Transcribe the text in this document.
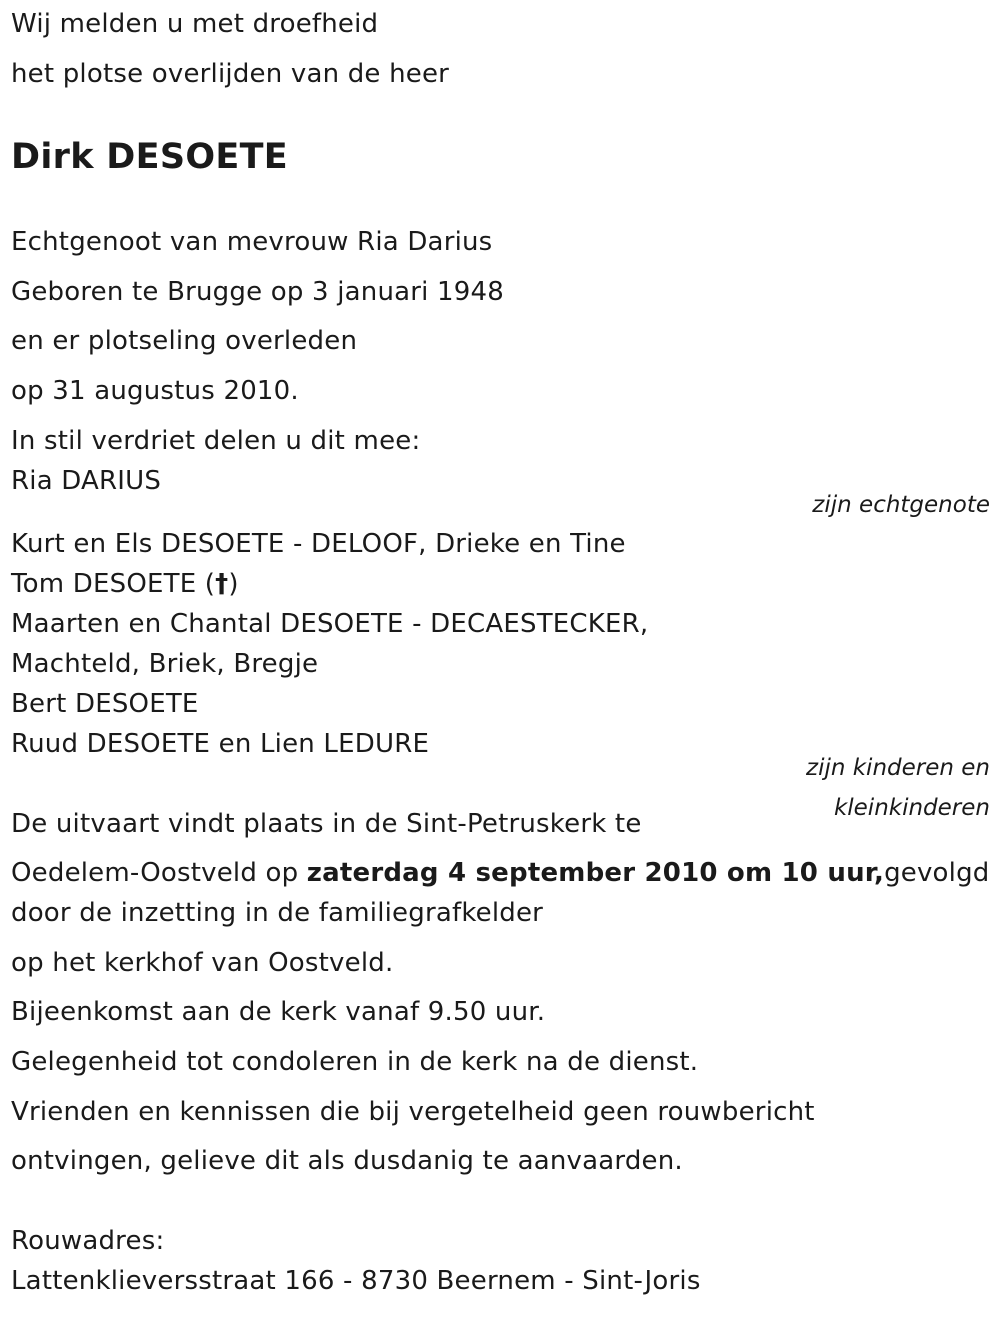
Wij melden u met droefheid
het plotse overlijden van de heer
Dirk DESOETE
Echtgenoot van mevrouw Ria Darius
Geboren te Brugge op 3 januari 1948
en er plotseling overleden
op 31 augustus 2010.
In stil verdriet delen u dit mee:
Ria DARIUS
zijn echtgenote
Kurt en Els DESOETE - DELOOF, Drieke en Tine
Tom DESOETE (†)
Maarten en Chantal DESOETE - DECAESTECKER,
Machteld, Briek, Bregje
Bert DESOETE
Ruud DESOETE en Lien LEDURE
zijn kinderen en
kleinkinderen
De uitvaart vindt plaats in de Sint-Petruskerk te
Oedelem-Oostveld op zaterdag 4 september 2010 om 10 uur,gevolgd
door de inzetting in de familiegrafkelder
op het kerkhof van Oostveld.
Bijeenkomst aan de kerk vanaf 9.50 uur.
Gelegenheid tot condoleren in de kerk na de dienst.
Vrienden en kennissen die bij vergetelheid geen rouwbericht
ontvingen, gelieve dit als dusdanig te aanvaarden.
Rouwadres:
Lattenklieversstraat 166 - 8730 Beernem - Sint-Joris
